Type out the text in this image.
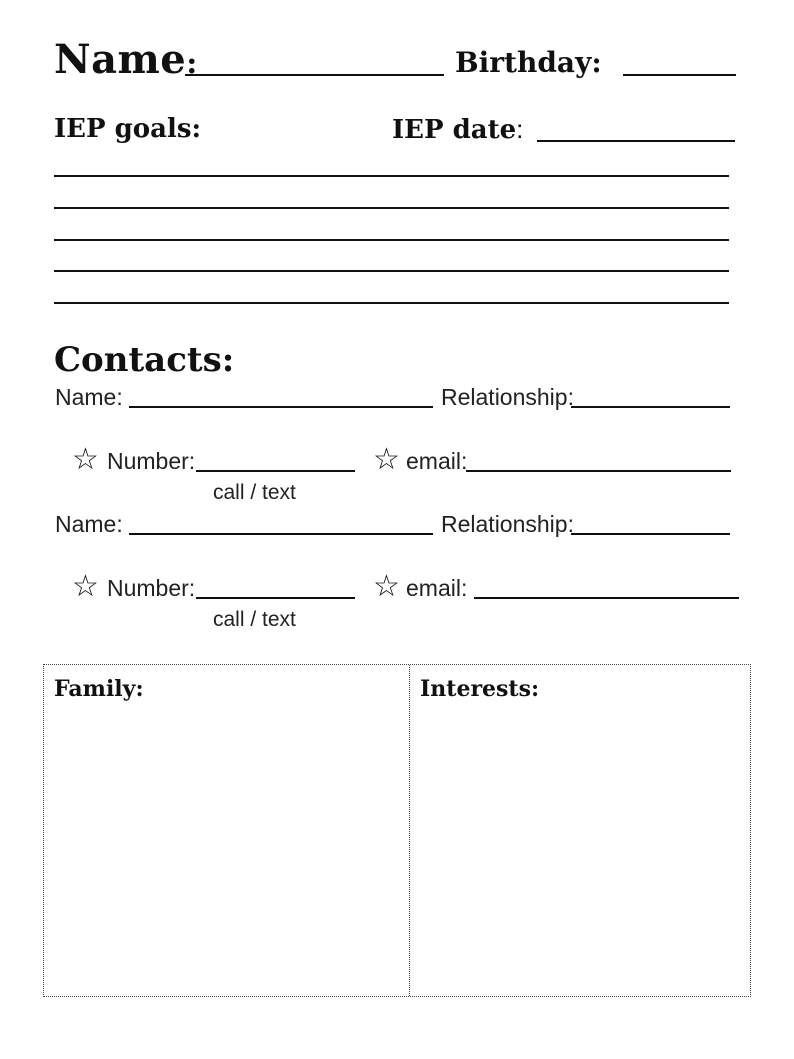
Name:	Birthday:
IEP goals:	IEP date:
Contacts:
Name:	Relationship:
☆ Number:	☆ email:
call / text
Name:	Relationship:
☆ Number:	☆ email:
call / text
Family:	Interests:
